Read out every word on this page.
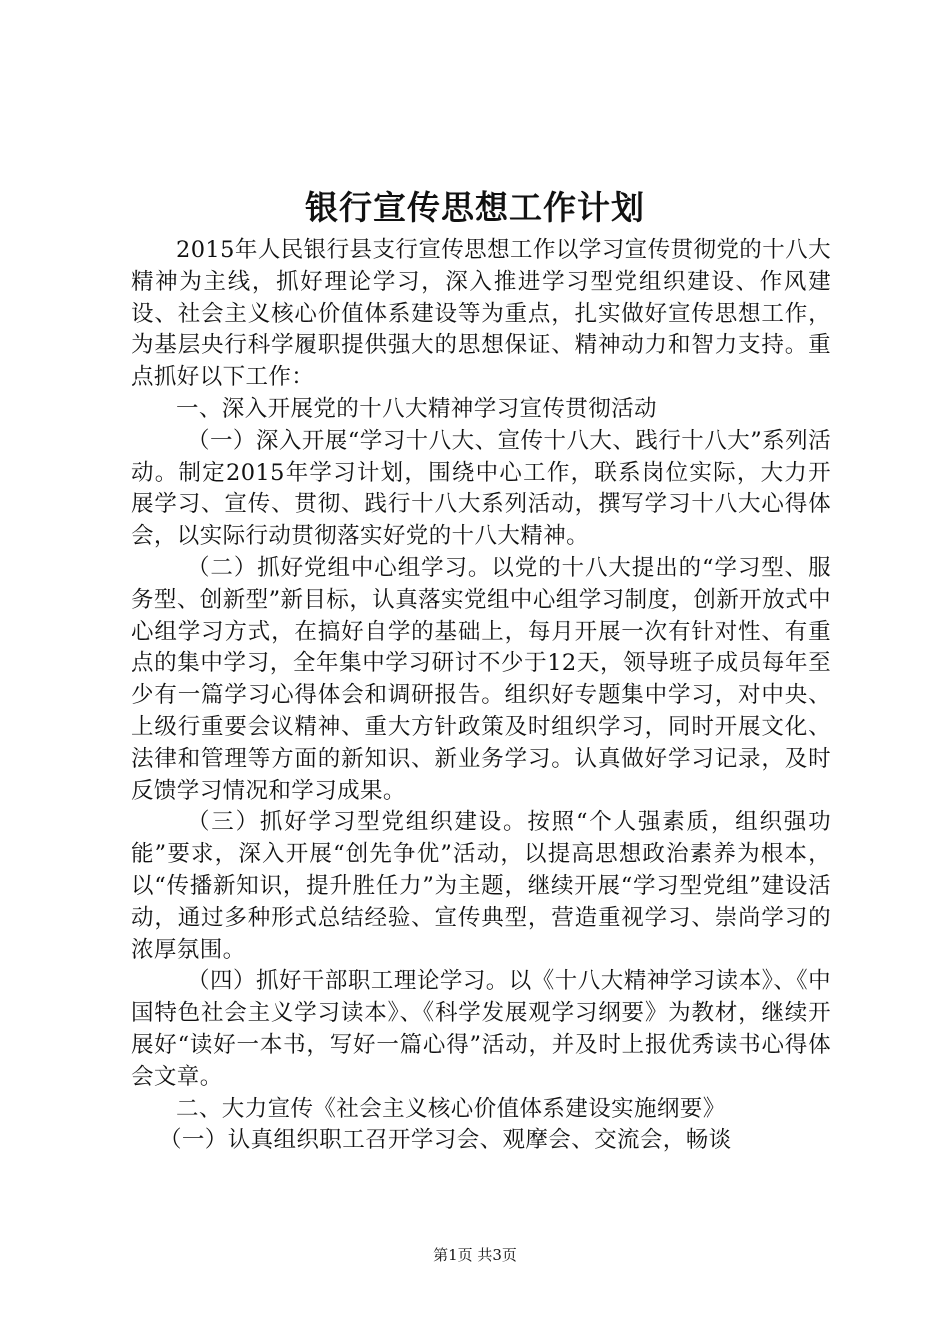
银行宣传思想工作计划

2015年人民银行县支行宣传思想工作以学习宣传贯彻党的十八大精神为主线，抓好理论学习，深入推进学习型党组织建设、作风建设、社会主义核心价值体系建设等为重点，扎实做好宣传思想工作，为基层央行科学履职提供强大的思想保证、精神动力和智力支持。重点抓好以下工作：

一、深入开展党的十八大精神学习宣传贯彻活动

（一）深入开展“学习十八大、宣传十八大、践行十八大”系列活动。制定2015年学习计划，围绕中心工作，联系岗位实际，大力开展学习、宣传、贯彻、践行十八大系列活动，撰写学习十八大心得体会，以实际行动贯彻落实好党的十八大精神。

（二）抓好党组中心组学习。以党的十八大提出的“学习型、服务型、创新型”新目标，认真落实党组中心组学习制度，创新开放式中心组学习方式，在搞好自学的基础上，每月开展一次有针对性、有重点的集中学习，全年集中学习研讨不少于12天，领导班子成员每年至少有一篇学习心得体会和调研报告。组织好专题集中学习，对中央、上级行重要会议精神、重大方针政策及时组织学习，同时开展文化、法律和管理等方面的新知识、新业务学习。认真做好学习记录，及时反馈学习情况和学习成果。

（三）抓好学习型党组织建设。按照“个人强素质，组织强功能”要求，深入开展“创先争优”活动，以提高思想政治素养为根本，以“传播新知识，提升胜任力”为主题，继续开展“学习型党组”建设活动，通过多种形式总结经验、宣传典型，营造重视学习、崇尚学习的浓厚氛围。

（四）抓好干部职工理论学习。以《十八大精神学习读本》、《中国特色社会主义学习读本》、《科学发展观学习纲要》为教材，继续开展好“读好一本书，写好一篇心得”活动，并及时上报优秀读书心得体会文章。

二、大力宣传《社会主义核心价值体系建设实施纲要》

（一）认真组织职工召开学习会、观摩会、交流会，畅谈

第1页 共3页
